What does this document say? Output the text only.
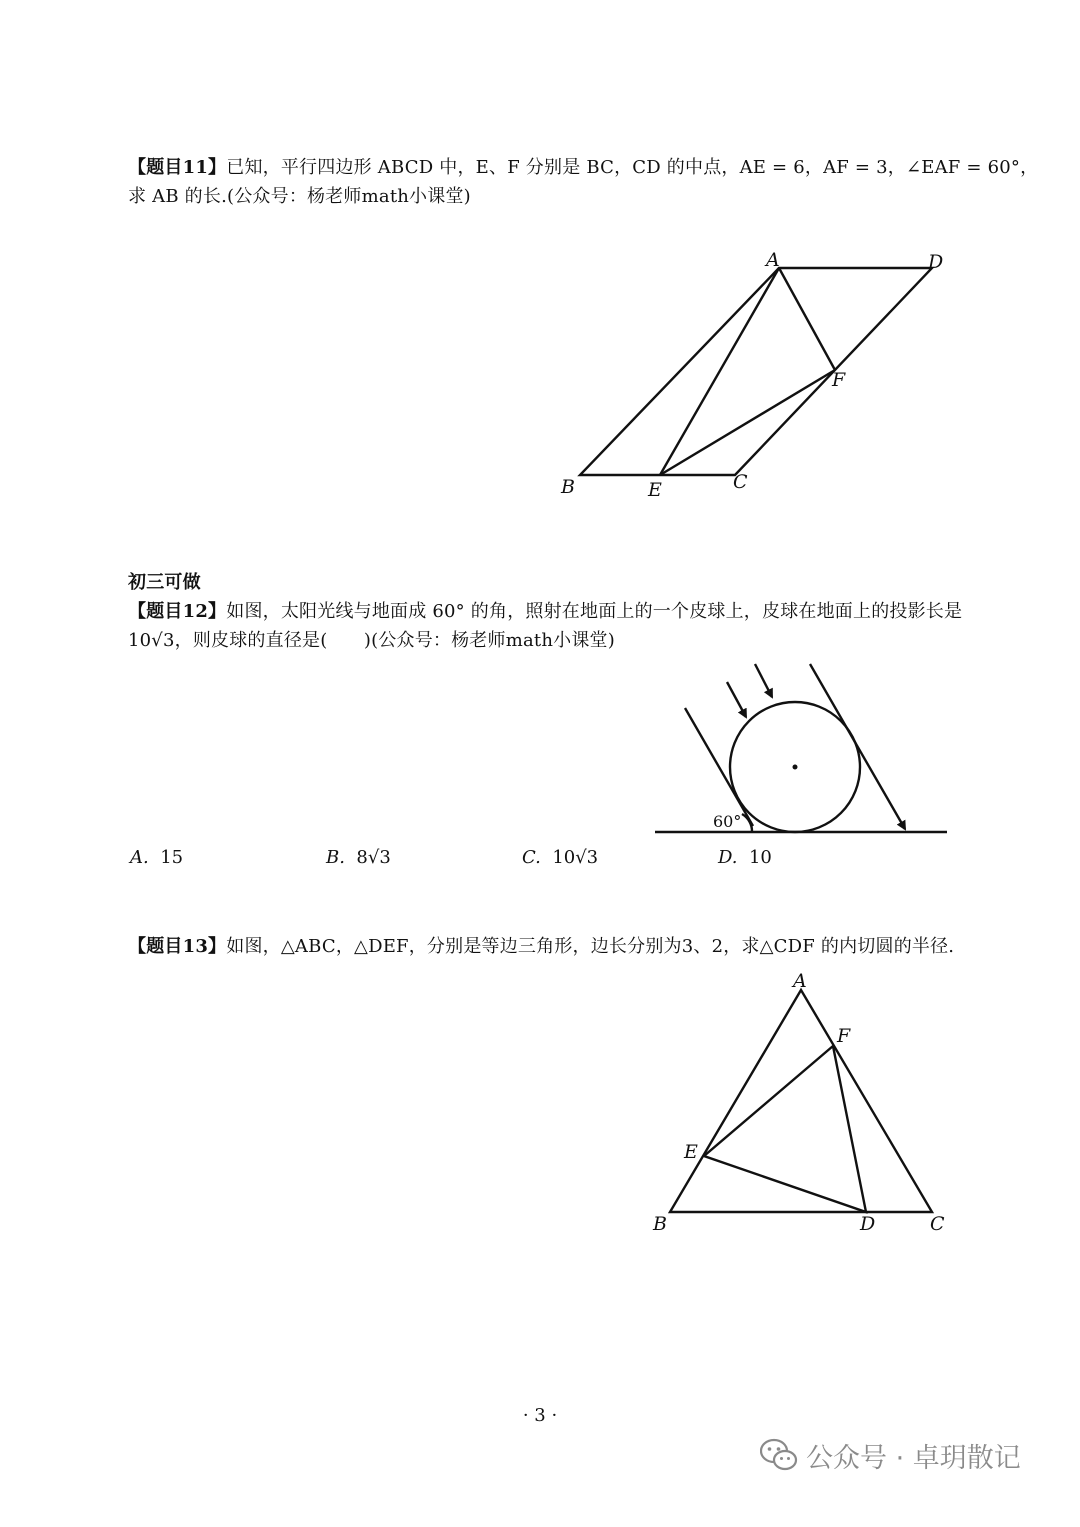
【题目11】已知，平行四边形 ABCD 中，E、F 分别是 BC，CD 的中点，AE = 6，AF = 3，∠EAF = 60°，
求 AB 的长.(公众号：杨老师math小课堂)
A	D
F
B	E	C
初三可做
【题目12】如图，太阳光线与地面成 60° 的角，照射在地面上的一个皮球上，皮球在地面上的投影长是
10√3，则皮球的直径是(　　)(公众号：杨老师math小课堂)
60°
A. 15	B. 8√3	C. 10√3	D. 10
【题目13】如图，△ABC，△DEF，分别是等边三角形，边长分别为3、2，求△CDF 的内切圆的半径.
A
F
E
B	D	C
· 3 ·
公众号 · 卓玥散记
